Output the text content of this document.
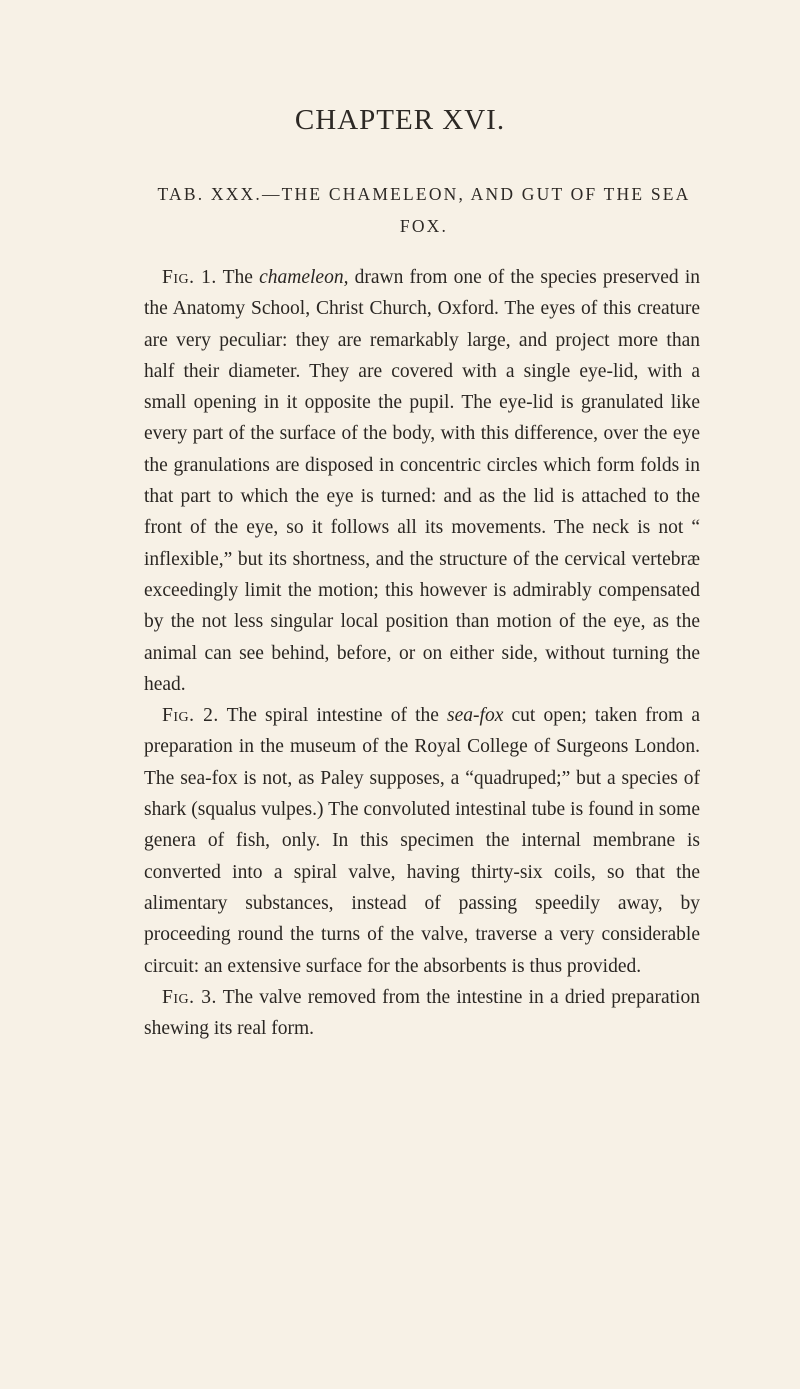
CHAPTER XVI.
TAB. XXX.—THE CHAMELEON, AND GUT OF THE SEA FOX.

Fig. 1. The chameleon, drawn from one of the species preserved in the Anatomy School, Christ Church, Oxford. The eyes of this creature are very peculiar: they are remarkably large, and project more than half their diameter. They are covered with a single eye-lid, with a small opening in it opposite the pupil. The eye-lid is granulated like every part of the surface of the body, with this difference, over the eye the granulations are disposed in concentric circles which form folds in that part to which the eye is turned: and as the lid is attached to the front of the eye, so it follows all its movements. The neck is not “ inflexible,” but its shortness, and the structure of the cervical vertebræ exceedingly limit the motion; this however is admirably compensated by the not less singular local position than motion of the eye, as the animal can see behind, before, or on either side, without turning the head.

Fig. 2. The spiral intestine of the sea-fox cut open; taken from a preparation in the museum of the Royal College of Surgeons London. The sea-fox is not, as Paley supposes, a “quadruped;” but a species of shark (squalus vulpes.) The convoluted intestinal tube is found in some genera of fish, only. In this specimen the internal membrane is converted into a spiral valve, having thirty-six coils, so that the alimentary substances, instead of passing speedily away, by proceeding round the turns of the valve, traverse a very considerable circuit: an extensive surface for the absorbents is thus provided.

Fig. 3. The valve removed from the intestine in a dried preparation shewing its real form.
